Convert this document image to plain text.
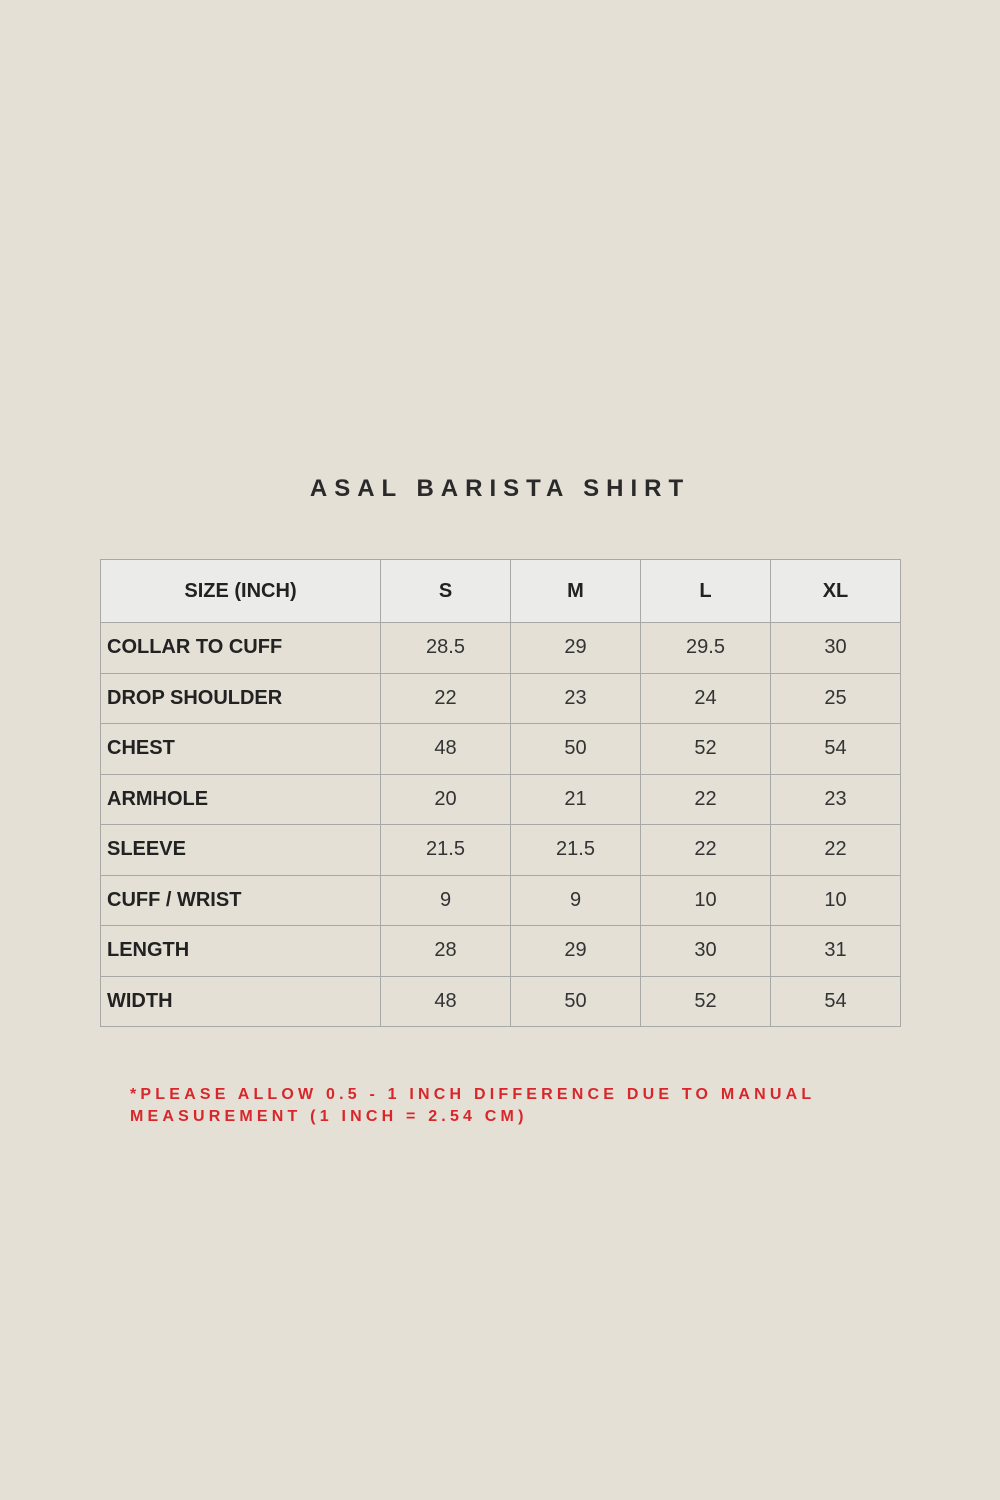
ASAL BARISTA SHIRT
SIZE (INCH)	S	M	L	XL
COLLAR TO CUFF	28.5	29	29.5	30
DROP SHOULDER	22	23	24	25
CHEST	48	50	52	54
ARMHOLE	20	21	22	23
SLEEVE	21.5	21.5	22	22
CUFF / WRIST	9	9	10	10
LENGTH	28	29	30	31
WIDTH	48	50	52	54
*PLEASE ALLOW 0.5 - 1 INCH DIFFERENCE DUE TO MANUAL
MEASUREMENT (1 INCH = 2.54 CM)
